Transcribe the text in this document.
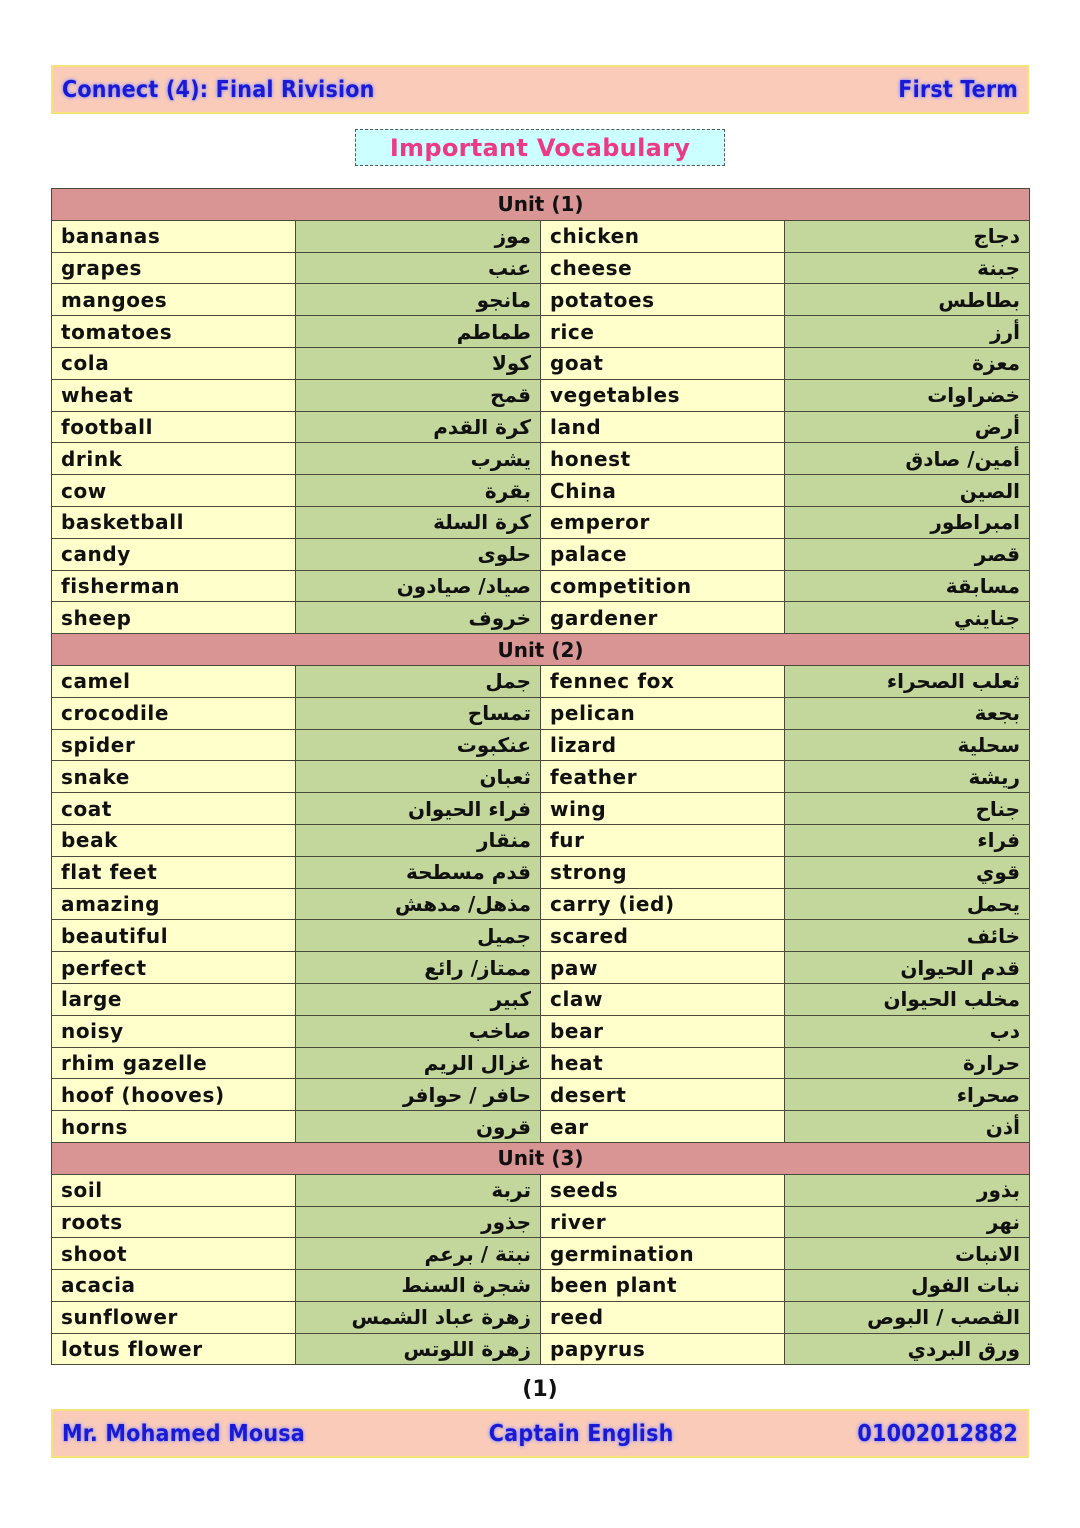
Connect (4): Final Rivision	First Term
Important Vocabulary
Unit (1)			
bananas	موز	chicken	دجاج
grapes	عنب	cheese	جبنة
mangoes	مانجو	potatoes	بطاطس
tomatoes	طماطم	rice	أرز
cola	كولا	goat	معزة
wheat	قمح	vegetables	خضراوات
football	كرة القدم	land	أرض
drink	يشرب	honest	أمين/ صادق
cow	بقرة	China	الصين
basketball	كرة السلة	emperor	امبراطور
candy	حلوى	palace	قصر
fisherman	صياد/ صيادون	competition	مسابقة
sheep	خروف	gardener	جنايني
Unit (2)			
camel	جمل	fennec fox	ثعلب الصحراء
crocodile	تمساح	pelican	بجعة
spider	عنكبوت	lizard	سحلية
snake	ثعبان	feather	ريشة
coat	فراء الحيوان	wing	جناح
beak	منقار	fur	فراء
flat feet	قدم مسطحة	strong	قوي
amazing	مذهل/ مدهش	carry (ied)	يحمل
beautiful	جميل	scared	خائف
perfect	ممتاز/ رائع	paw	قدم الحيوان
large	كبير	claw	مخلب الحيوان
noisy	صاخب	bear	دب
rhim gazelle	غزال الريم	heat	حرارة
hoof (hooves)	حافر / حوافر	desert	صحراء
horns	قرون	ear	أذن
Unit (3)			
soil	تربة	seeds	بذور
roots	جذور	river	نهر
shoot	نبتة / برعم	germination	الانبات
acacia	شجرة السنط	been plant	نبات الفول
sunflower	زهرة عباد الشمس	reed	القصب / البوص
lotus flower	زهرة اللوتس	papyrus	ورق البردي
(1)
Mr. Mohamed Mousa	Captain English	01002012882
